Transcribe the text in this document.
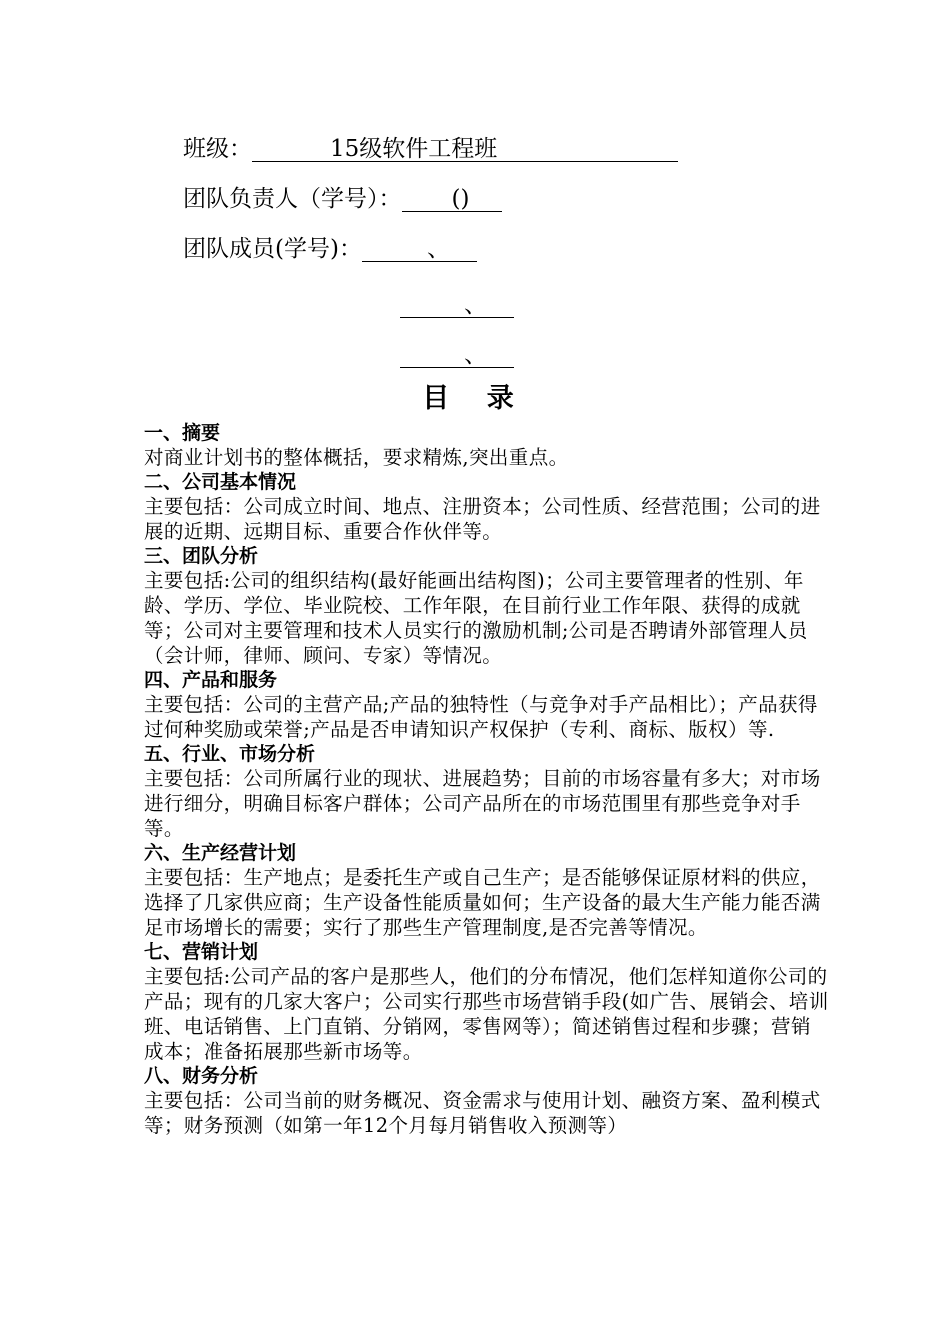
班级：	15级软件工程班
团队负责人（学号）： ()
团队成员(学号)：	、
、
、
目 录
一、摘要
对商业计划书的整体概括，要求精炼,突出重点。
二、公司基本情况
主要包括：公司成立时间、地点、注册资本；公司性质、经营范围；公司的进展的近期、远期目标、重要合作伙伴等。
三、团队分析
主要包括:公司的组织结构(最好能画出结构图)；公司主要管理者的性别、年龄、学历、学位、毕业院校、工作年限，在目前行业工作年限、获得的成就等；公司对主要管理和技术人员实行的激励机制;公司是否聘请外部管理人员（会计师，律师、顾问、专家）等情况。
四、产品和服务
主要包括：公司的主营产品;产品的独特性（与竞争对手产品相比）；产品获得过何种奖励或荣誉;产品是否申请知识产权保护（专利、商标、版权）等.
五、行业、市场分析
主要包括：公司所属行业的现状、进展趋势；目前的市场容量有多大；对市场进行细分，明确目标客户群体；公司产品所在的市场范围里有那些竞争对手等。
六、生产经营计划
主要包括：生产地点；是委托生产或自己生产；是否能够保证原材料的供应，选择了几家供应商；生产设备性能质量如何；生产设备的最大生产能力能否满足市场增长的需要；实行了那些生产管理制度,是否完善等情况。
七、营销计划
主要包括:公司产品的客户是那些人，他们的分布情况，他们怎样知道你公司的产品；现有的几家大客户；公司实行那些市场营销手段(如广告、展销会、培训班、电话销售、上门直销、分销网，零售网等）；简述销售过程和步骤；营销成本；准备拓展那些新市场等。
八、财务分析
主要包括：公司当前的财务概况、资金需求与使用计划、融资方案、盈利模式等；财务预测（如第一年12个月每月销售收入预测等）
